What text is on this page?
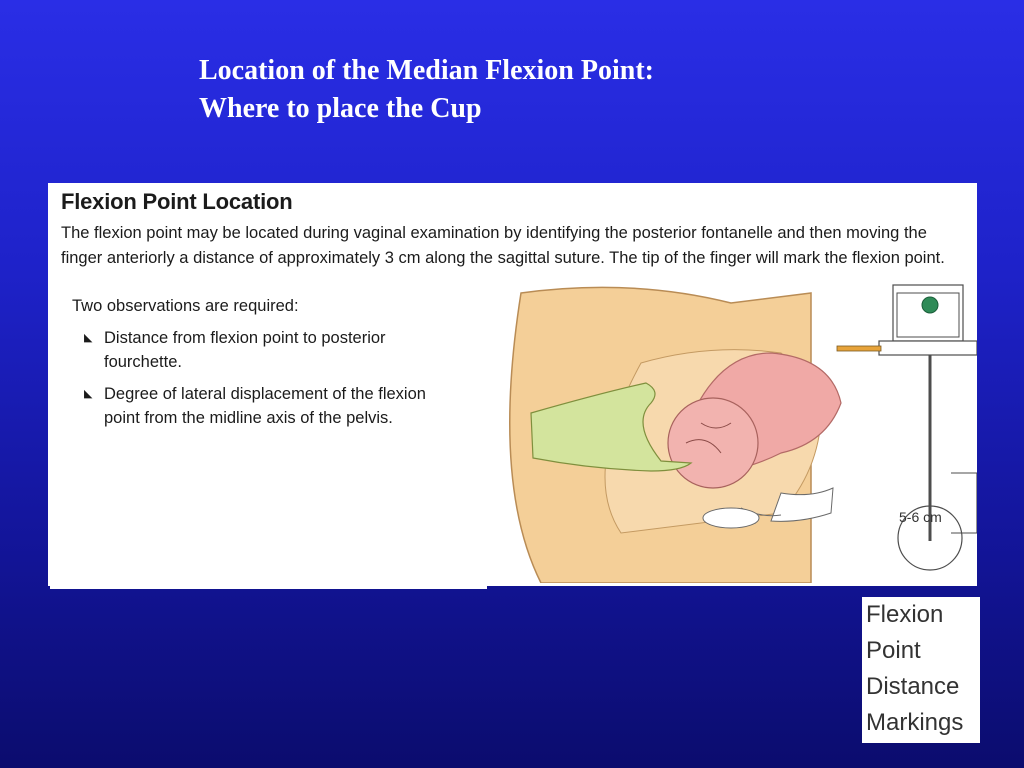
Location of the Median Flexion Point:
Where to place the Cup
Flexion Point Location
The flexion point may be located during vaginal examination by identifying the posterior fontanelle and then moving the finger anteriorly a distance of approximately 3 cm along the sagittal suture. The tip of the finger will mark the flexion point.
Two observations are required:
◣ Distance from flexion point to posterior fourchette.
◣ Degree of lateral displacement of the flexion point from the midline axis of the pelvis.
5-6 cm
Flexion
Point
Distance
Markings
